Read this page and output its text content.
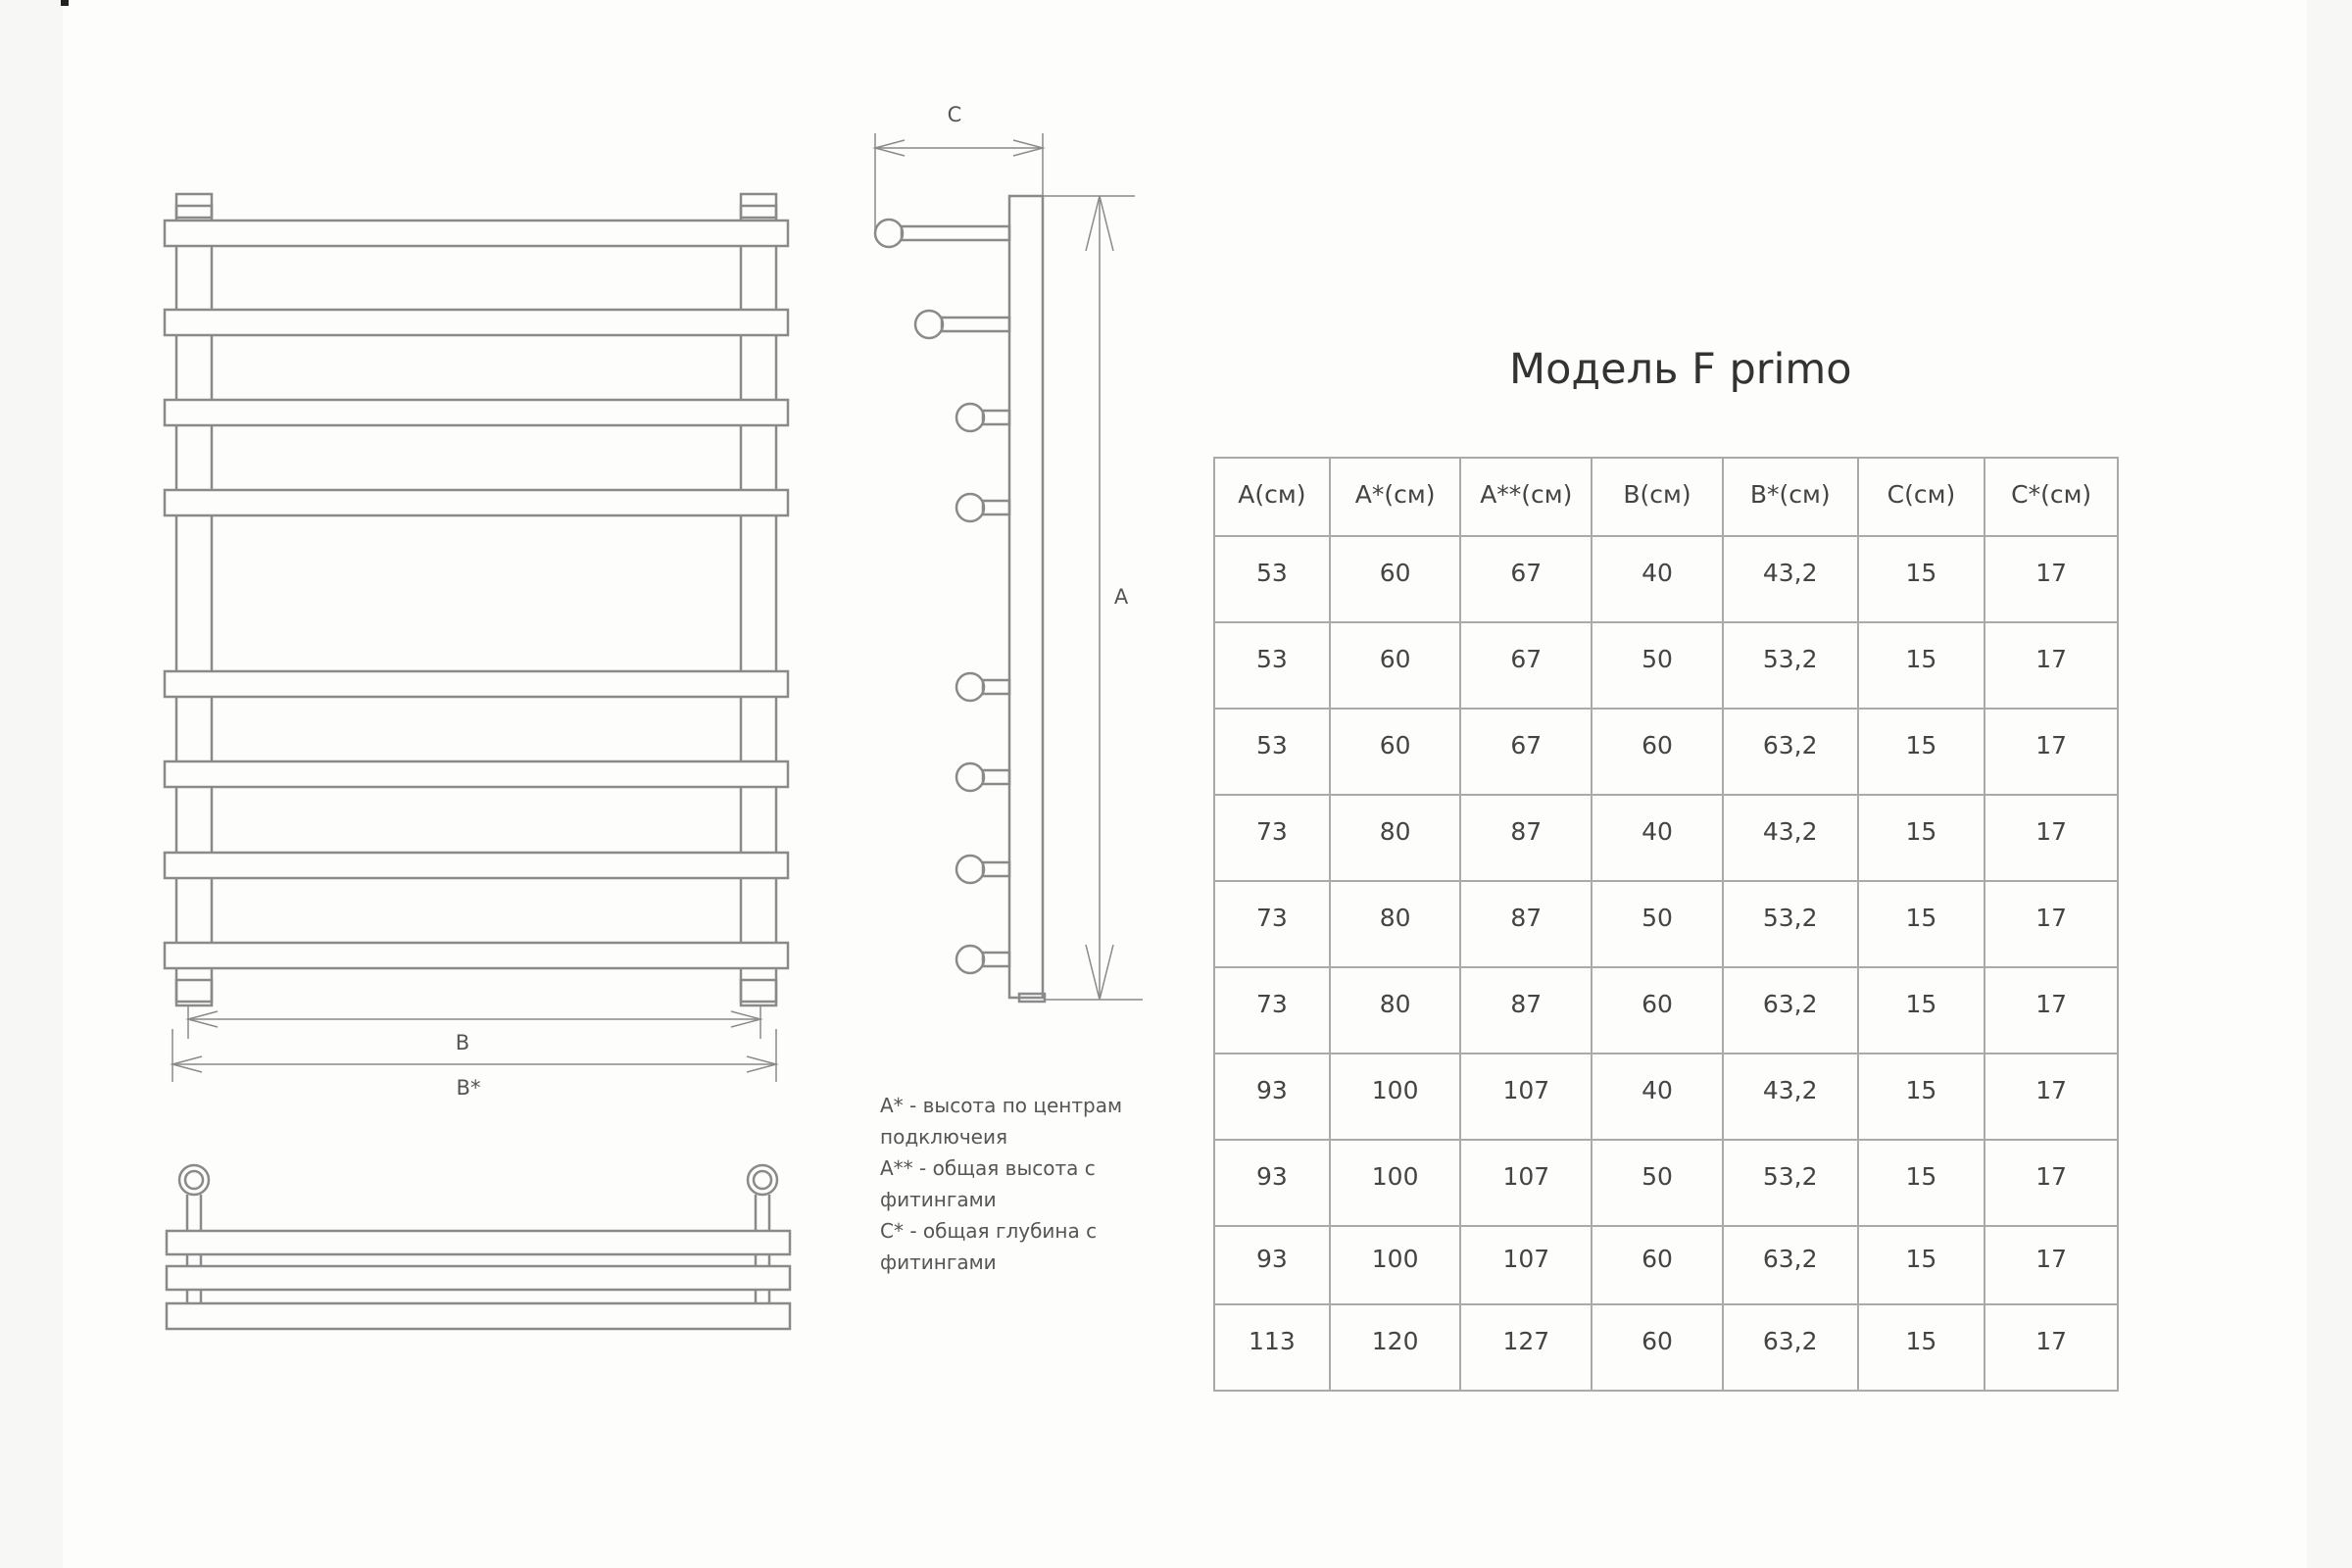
B
B*
C
A
A* - высота по центрам
подключеия
A** - общая высота с
фитингами
C* - общая глубина с
фитингами
Модель F primo
A(см)	A*(см)	A**(см)	B(см)	B*(см)	C(см)	C*(см)
53	60	67	40	43,2	15	17
53	60	67	50	53,2	15	17
53	60	67	60	63,2	15	17
73	80	87	40	43,2	15	17
73	80	87	50	53,2	15	17
73	80	87	60	63,2	15	17
93	100	107	40	43,2	15	17
93	100	107	50	53,2	15	17
93	100	107	60	63,2	15	17
113	120	127	60	63,2	15	17
